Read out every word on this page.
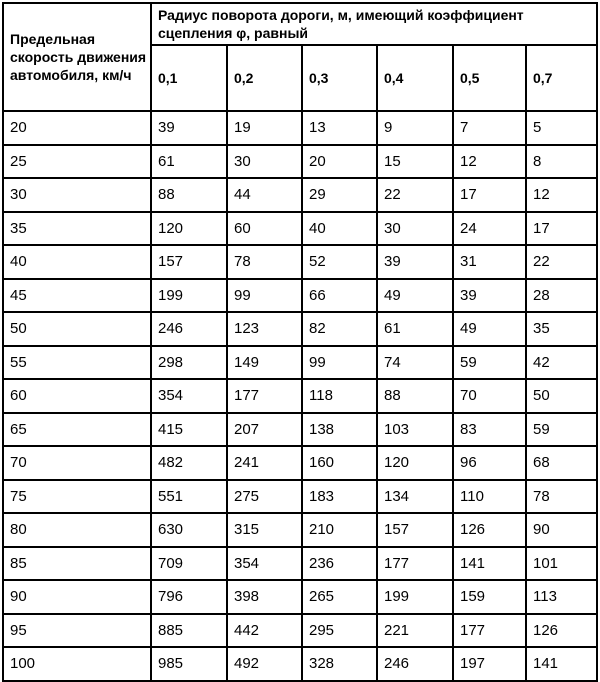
Предельная скорость движения автомобиля, км/ч	Радиус поворота дороги, м, имеющий коэффициент сцепления φ, равный					
	0,1	0,2	0,3	0,4	0,5	0,7
20	39	19	13	9	7	5
25	61	30	20	15	12	8
30	88	44	29	22	17	12
35	120	60	40	30	24	17
40	157	78	52	39	31	22
45	199	99	66	49	39	28
50	246	123	82	61	49	35
55	298	149	99	74	59	42
60	354	177	118	88	70	50
65	415	207	138	103	83	59
70	482	241	160	120	96	68
75	551	275	183	134	110	78
80	630	315	210	157	126	90
85	709	354	236	177	141	101
90	796	398	265	199	159	113
95	885	442	295	221	177	126
100	985	492	328	246	197	141
